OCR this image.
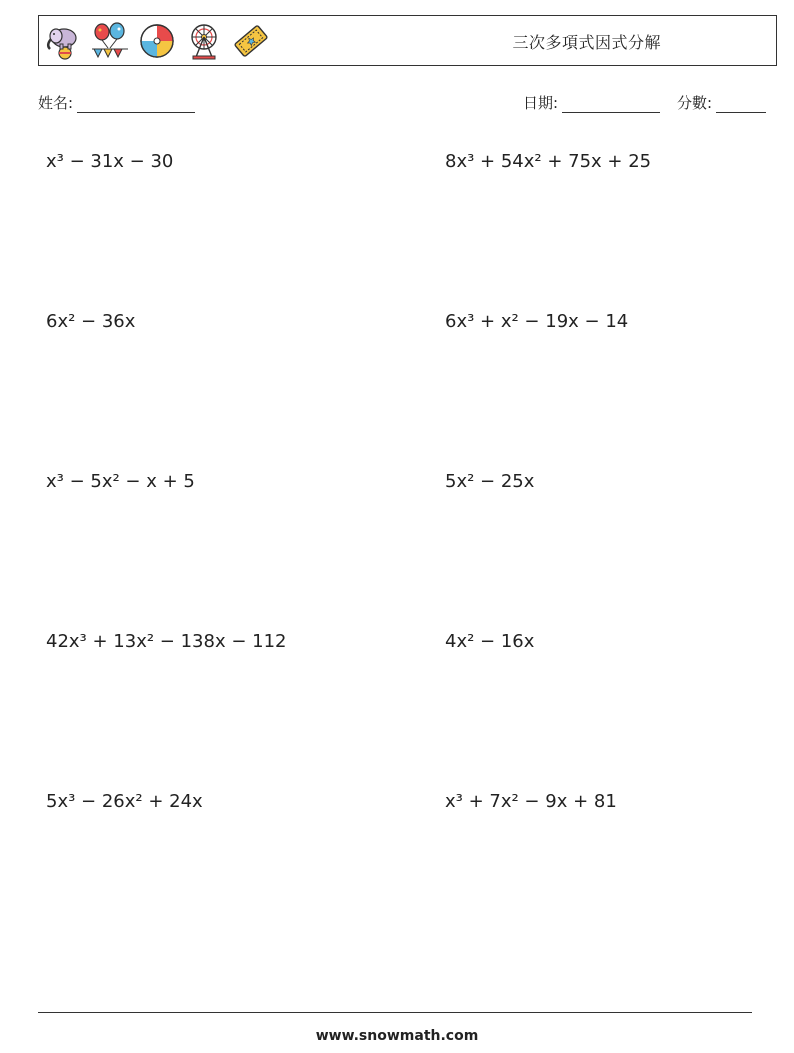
三次多項式因式分解
姓名:	日期:	分數:
x³ − 31x − 30	8x³ + 54x² + 75x + 25
6x² − 36x	6x³ + x² − 19x − 14
x³ − 5x² − x + 5	5x² − 25x
42x³ + 13x² − 138x − 112	4x² − 16x
5x³ − 26x² + 24x	x³ + 7x² − 9x + 81
www.snowmath.com
